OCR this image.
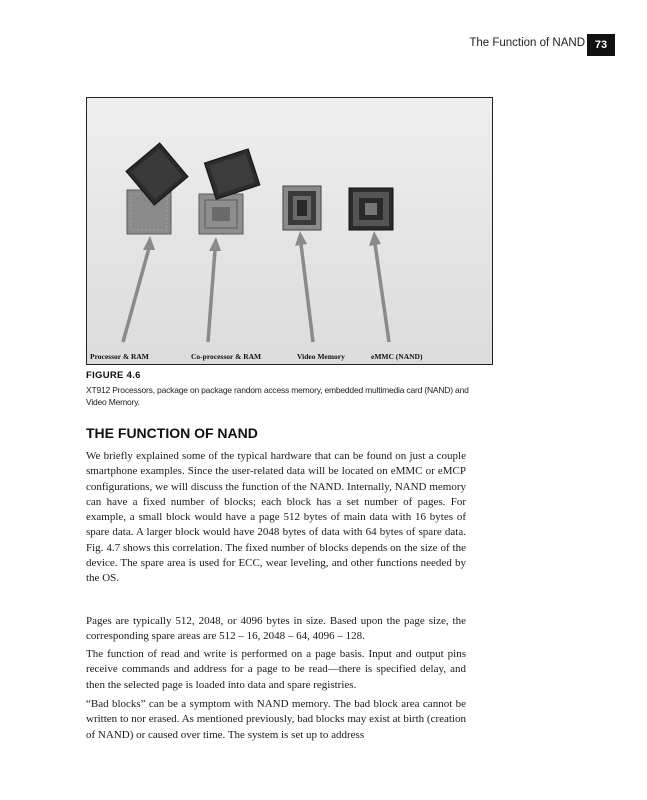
The Function of NAND 73
Processor & RAM	Co-processor & RAM	Video Memory	eMMC (NAND)
FIGURE 4.6
XT912 Processors, package on package random access memory, embedded multimedia card (NAND) and Video Memory.
THE FUNCTION OF NAND

We briefly explained some of the typical hardware that can be found on just a couple smartphone examples. Since the user-related data will be located on eMMC or eMCP configurations, we will discuss the function of the NAND. Internally, NAND memory can have a fixed number of blocks; each block has a set number of pages. For example, a small block would have a page 512 bytes of main data with 16 bytes of spare data. A larger block would have 2048 bytes of data with 64 bytes of spare data. Fig. 4.7 shows this correlation. The fixed number of blocks depends on the size of the device. The spare area is used for ECC, wear leveling, and other functions needed by the OS.

Pages are typically 512, 2048, or 4096 bytes in size. Based upon the page size, the corresponding spare areas are 512 – 16, 2048 – 64, 4096 – 128.

The function of read and write is performed on a page basis. Input and output pins receive commands and address for a page to be read—there is specified delay, and then the selected page is loaded into data and spare registries.

“Bad blocks” can be a symptom with NAND memory. The bad block area cannot be written to nor erased. As mentioned previously, bad blocks may exist at birth (creation of NAND) or caused over time. The system is set up to address
